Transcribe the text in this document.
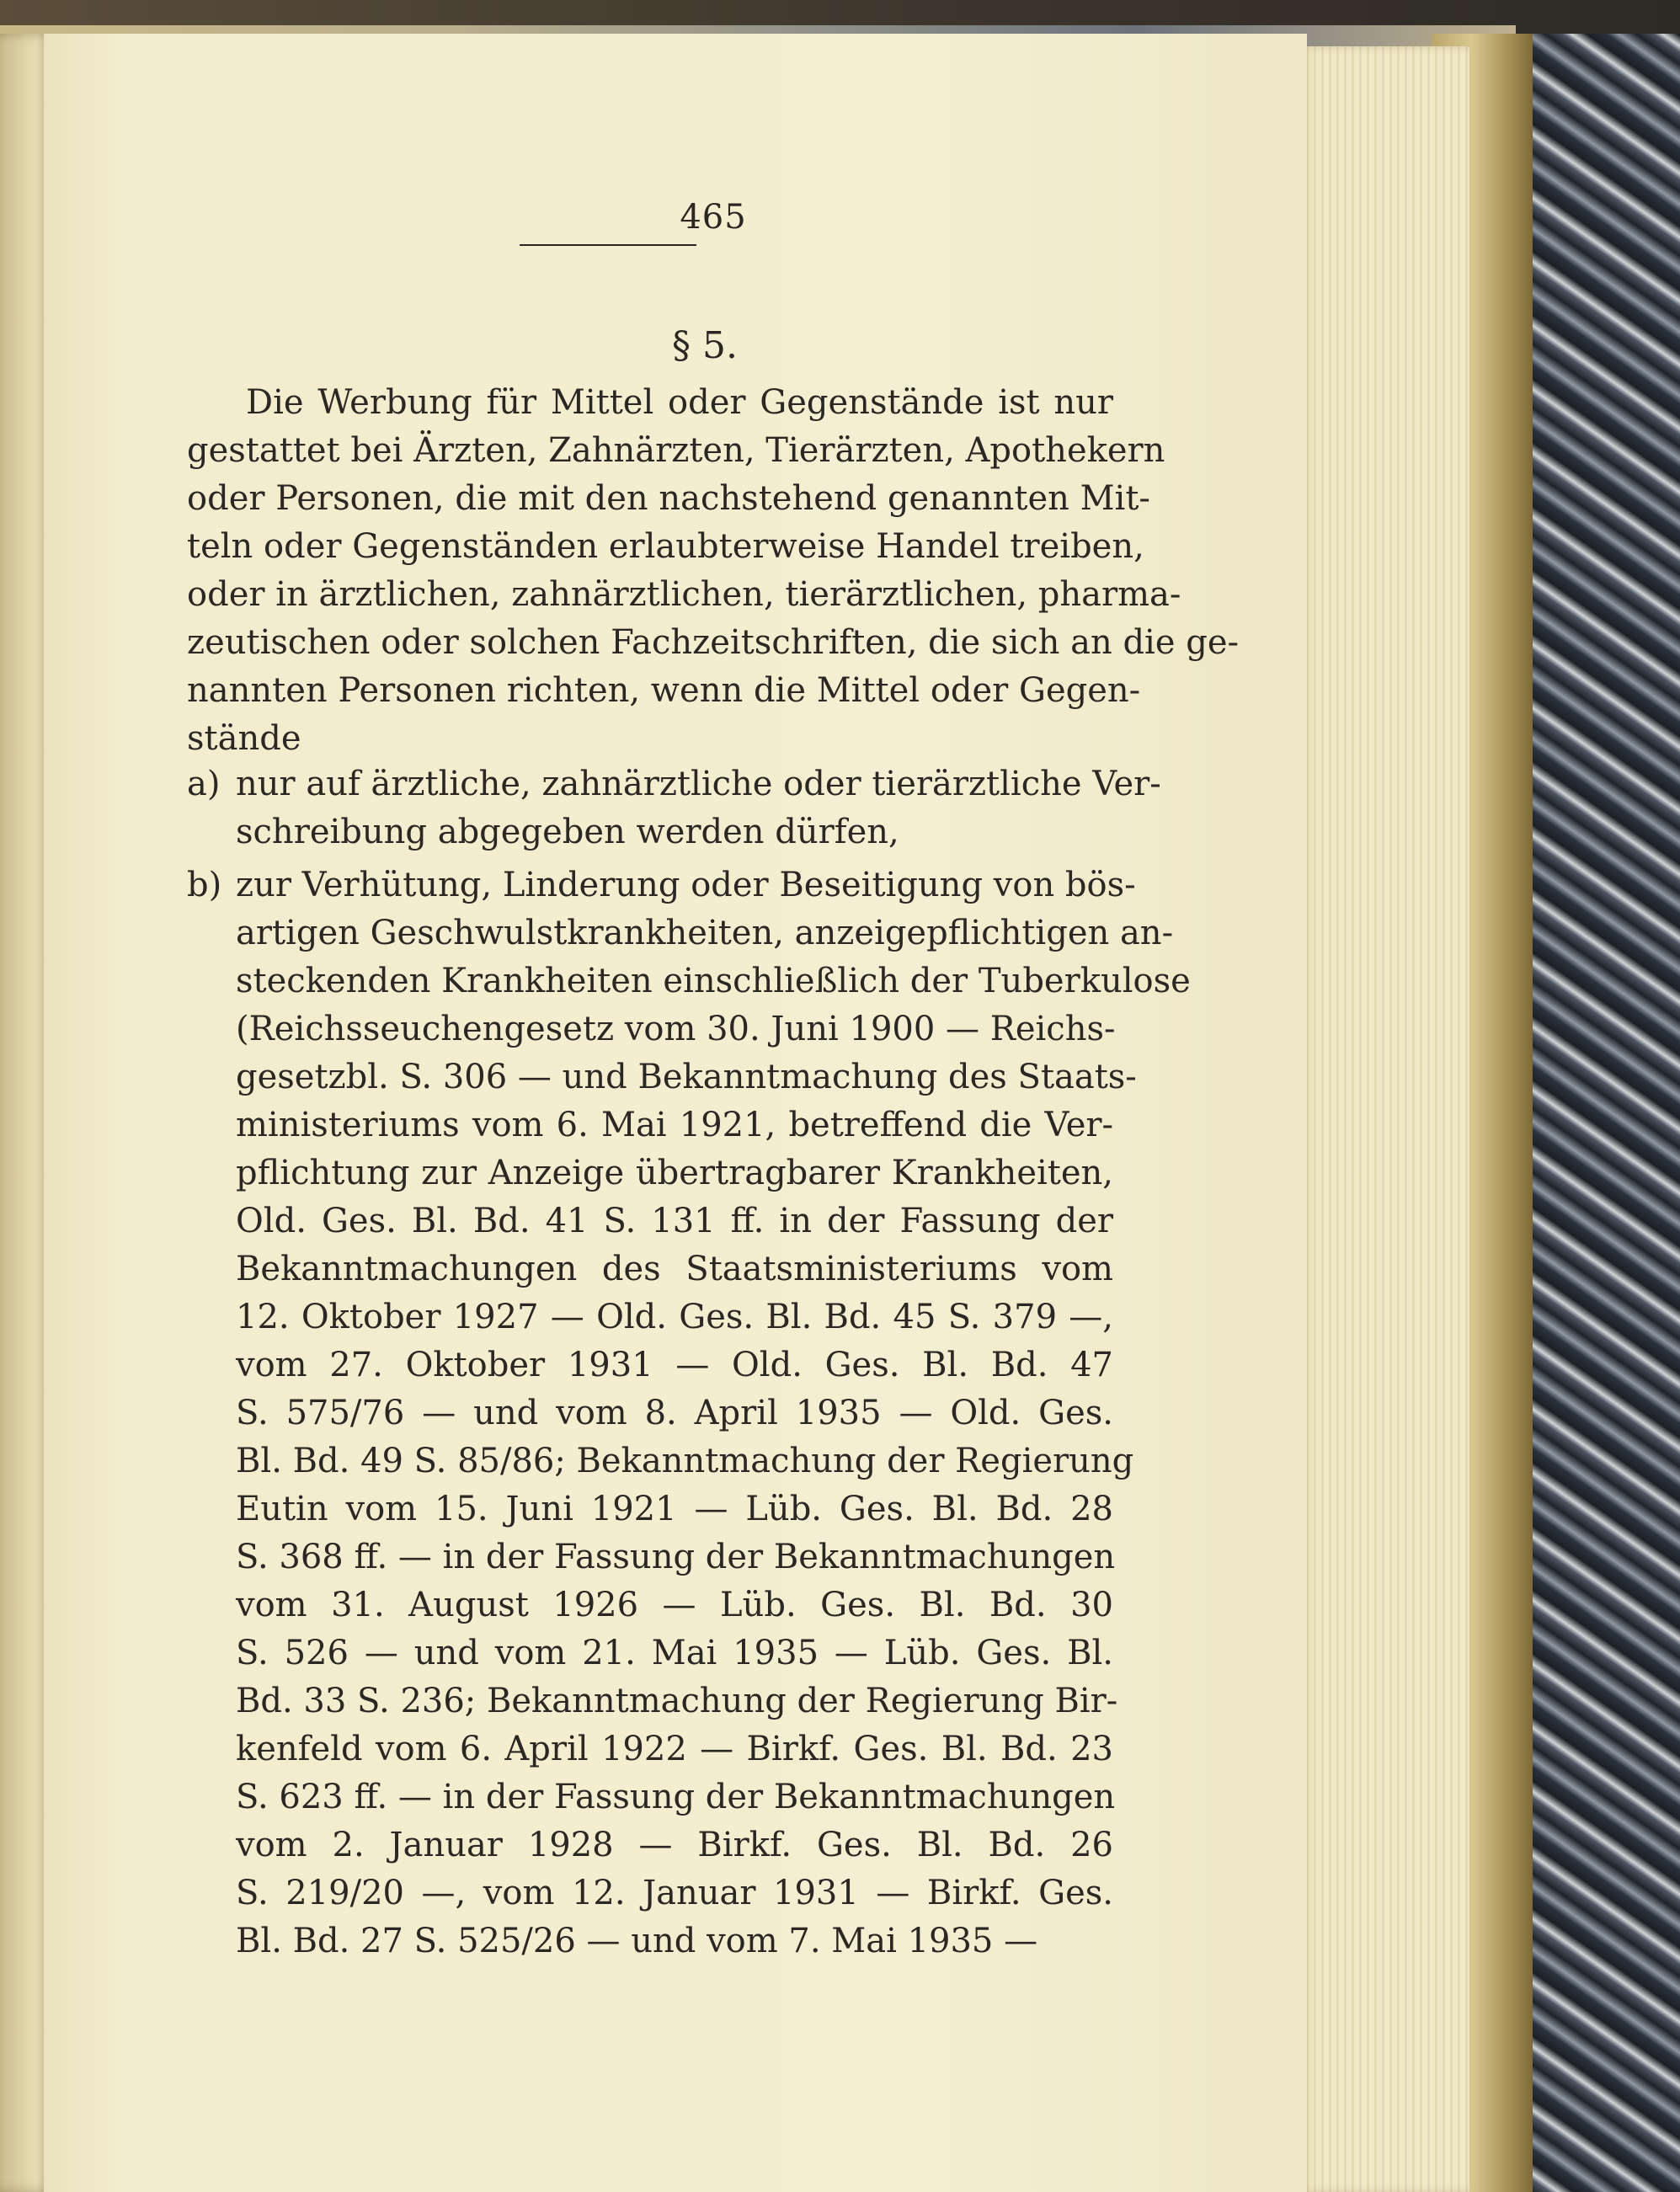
465
§ 5.
Die Werbung für Mittel oder Gegenstände ist nur
gestattet bei Ärzten, Zahnärzten, Tierärzten, Apothekern
oder Personen, die mit den nachstehend genannten Mit-
teln oder Gegenständen erlaubterweise Handel treiben,
oder in ärztlichen, zahnärztlichen, tierärztlichen, pharma-
zeutischen oder solchen Fachzeitschriften, die sich an die ge-
nannten Personen richten, wenn die Mittel oder Gegen-
stände
a) nur auf ärztliche, zahnärztliche oder tierärztliche Ver-
schreibung abgegeben werden dürfen,
b) zur Verhütung, Linderung oder Beseitigung von bös-
artigen Geschwulstkrankheiten, anzeigepflichtigen an-
steckenden Krankheiten einschließlich der Tuberkulose
(Reichsseuchengesetz vom 30. Juni 1900 — Reichs-
gesetzbl. S. 306 — und Bekanntmachung des Staats-
ministeriums vom 6. Mai 1921, betreffend die Ver-
pflichtung zur Anzeige übertragbarer Krankheiten,
Old. Ges. Bl. Bd. 41 S. 131 ff. in der Fassung der
Bekanntmachungen des Staatsministeriums vom
12. Oktober 1927 — Old. Ges. Bl. Bd. 45 S. 379 —,
vom 27. Oktober 1931 — Old. Ges. Bl. Bd. 47
S. 575/76 — und vom 8. April 1935 — Old. Ges.
Bl. Bd. 49 S. 85/86; Bekanntmachung der Regierung
Eutin vom 15. Juni 1921 — Lüb. Ges. Bl. Bd. 28
S. 368 ff. — in der Fassung der Bekanntmachungen
vom 31. August 1926 — Lüb. Ges. Bl. Bd. 30
S. 526 — und vom 21. Mai 1935 — Lüb. Ges. Bl.
Bd. 33 S. 236; Bekanntmachung der Regierung Bir-
kenfeld vom 6. April 1922 — Birkf. Ges. Bl. Bd. 23
S. 623 ff. — in der Fassung der Bekanntmachungen
vom 2. Januar 1928 — Birkf. Ges. Bl. Bd. 26
S. 219/20 —, vom 12. Januar 1931 — Birkf. Ges.
Bl. Bd. 27 S. 525/26 — und vom 7. Mai 1935 —
